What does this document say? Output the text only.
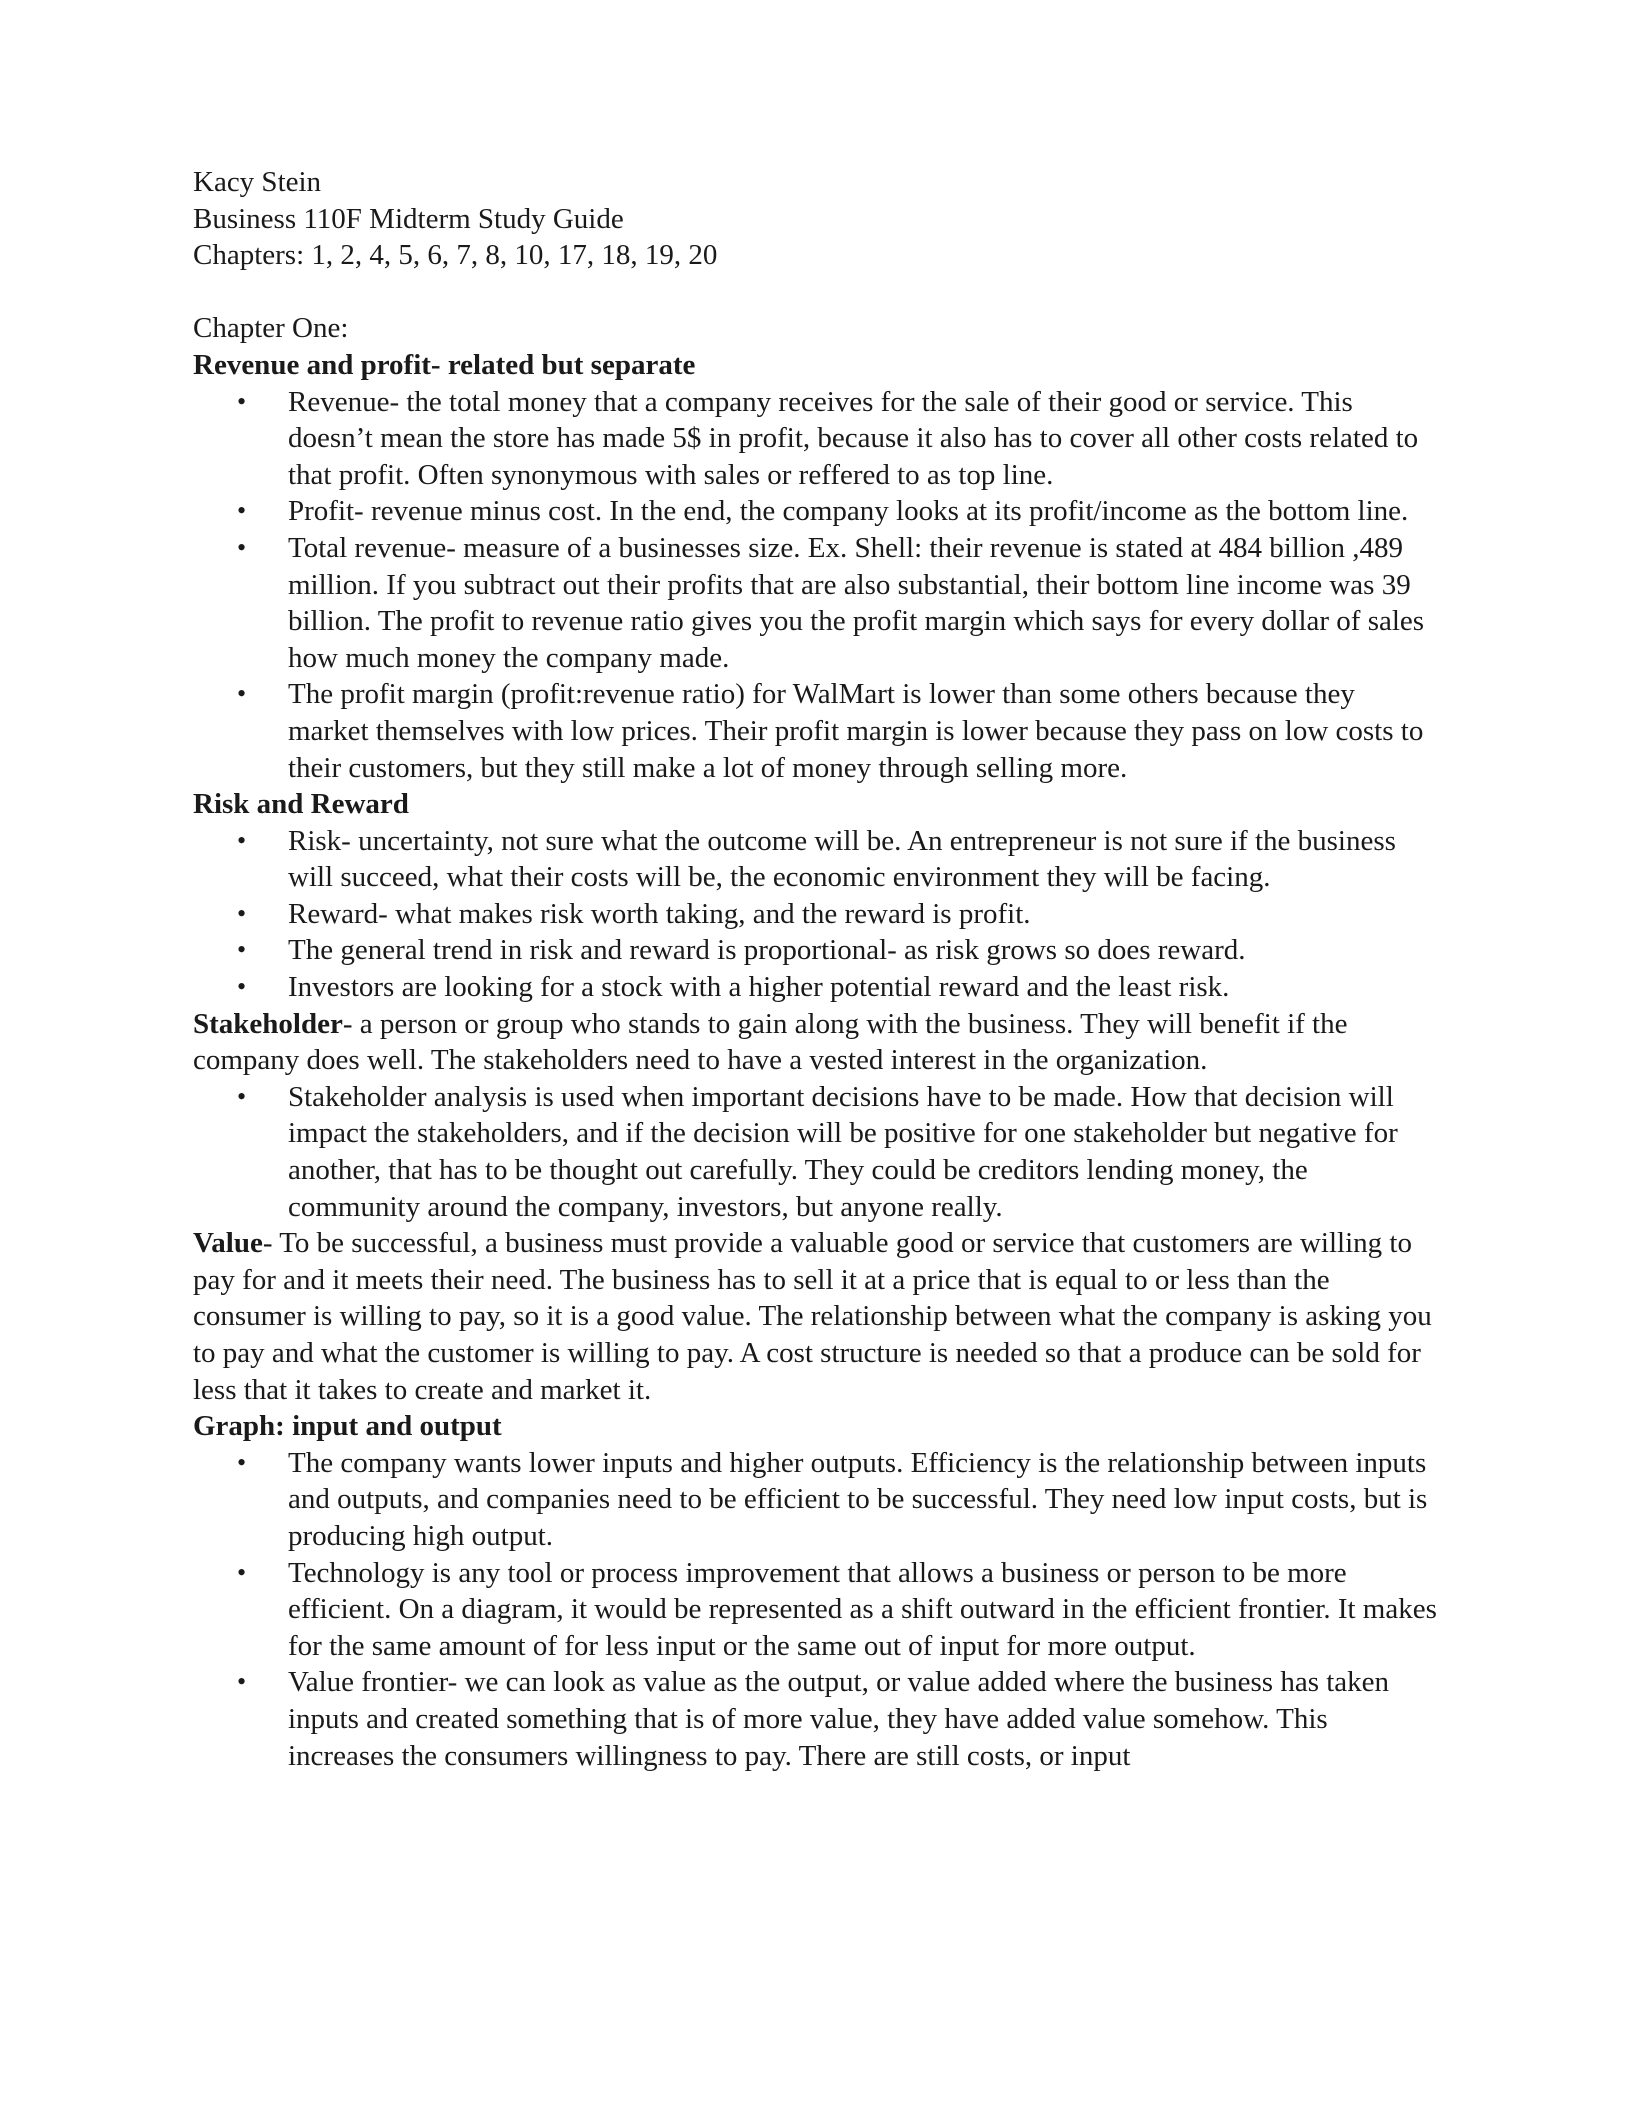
Kacy Stein
Business 110F Midterm Study Guide
Chapters: 1, 2, 4, 5, 6, 7, 8, 10, 17, 18, 19, 20
Chapter One:
Revenue and profit- related but separate
• Revenue- the total money that a company receives for the sale of their good or service. This doesn’t mean the store has made 5$ in profit, because it also has to cover all other costs related to that profit. Often synonymous with sales or reffered to as top line.
• Profit- revenue minus cost. In the end, the company looks at its profit/income as the bottom line.
• Total revenue- measure of a businesses size. Ex. Shell: their revenue is stated at 484 billion ,489 million. If you subtract out their profits that are also substantial, their bottom line income was 39 billion. The profit to revenue ratio gives you the profit margin which says for every dollar of sales how much money the company made.
• The profit margin (profit:revenue ratio) for WalMart is lower than some others because they market themselves with low prices. Their profit margin is lower because they pass on low costs to their customers, but they still make a lot of money through selling more.
Risk and Reward
• Risk- uncertainty, not sure what the outcome will be. An entrepreneur is not sure if the business will succeed, what their costs will be, the economic environment they will be facing.
• Reward- what makes risk worth taking, and the reward is profit.
• The general trend in risk and reward is proportional- as risk grows so does reward.
• Investors are looking for a stock with a higher potential reward and the least risk.
Stakeholder- a person or group who stands to gain along with the business. They will benefit if the company does well. The stakeholders need to have a vested interest in the organization.
• Stakeholder analysis is used when important decisions have to be made. How that decision will impact the stakeholders, and if the decision will be positive for one stakeholder but negative for another, that has to be thought out carefully. They could be creditors lending money, the community around the company, investors, but anyone really.
Value- To be successful, a business must provide a valuable good or service that customers are willing to pay for and it meets their need. The business has to sell it at a price that is equal to or less than the consumer is willing to pay, so it is a good value. The relationship between what the company is asking you to pay and what the customer is willing to pay. A cost structure is needed so that a produce can be sold for less that it takes to create and market it.
Graph: input and output
• The company wants lower inputs and higher outputs. Efficiency is the relationship between inputs and outputs, and companies need to be efficient to be successful. They need low input costs, but is producing high output.
• Technology is any tool or process improvement that allows a business or person to be more efficient. On a diagram, it would be represented as a shift outward in the efficient frontier. It makes for the same amount of for less input or the same out of input for more output.
• Value frontier- we can look as value as the output, or value added where the business has taken inputs and created something that is of more value, they have added value somehow. This increases the consumers willingness to pay. There are still costs, or input
